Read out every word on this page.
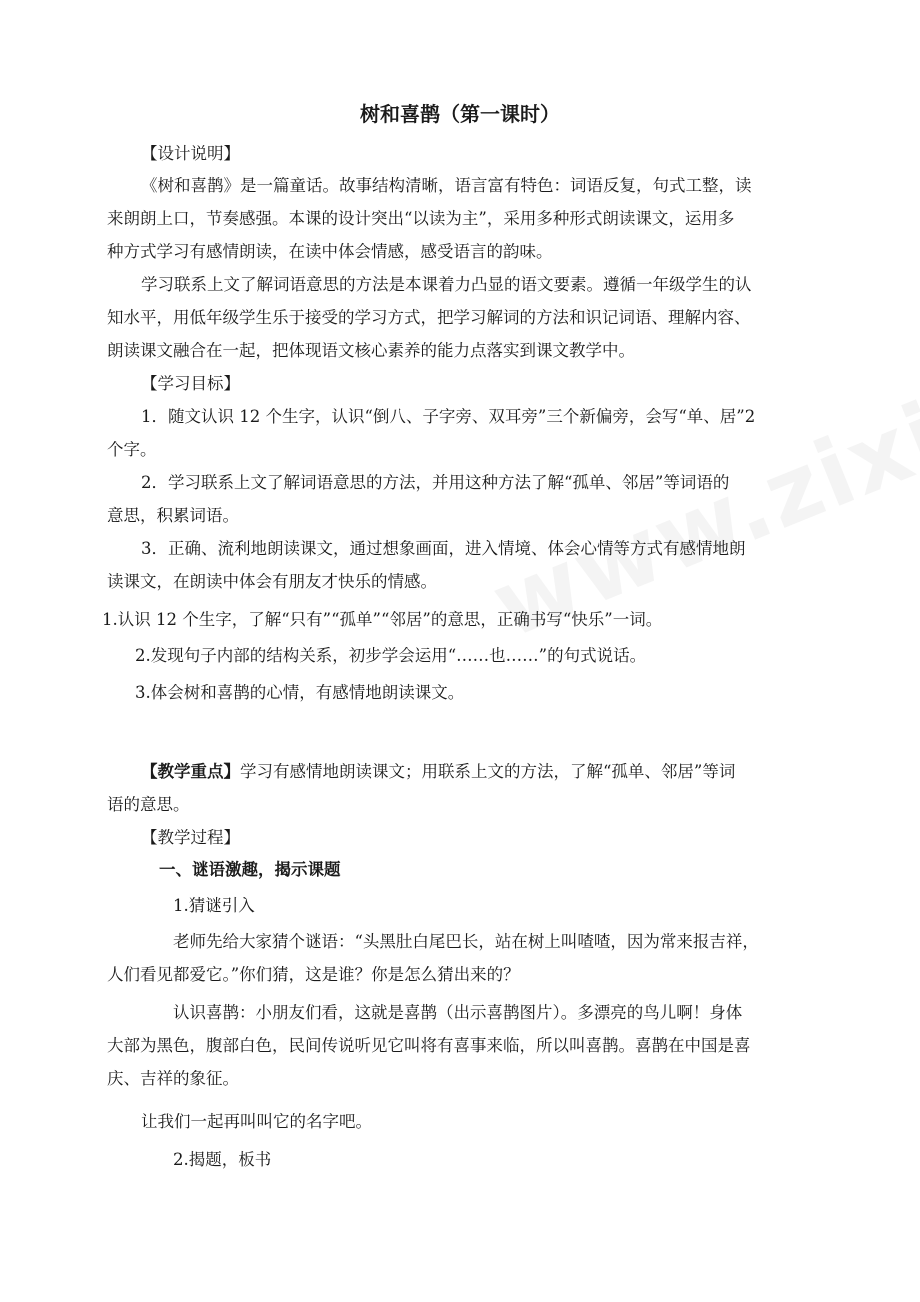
树和喜鹊（第一课时）
【设计说明】
《树和喜鹊》是一篇童话。故事结构清晰，语言富有特色：词语反复，句式工整，读
来朗朗上口，节奏感强。本课的设计突出“以读为主”，采用多种形式朗读课文，运用多
种方式学习有感情朗读，在读中体会情感，感受语言的韵味。
学习联系上文了解词语意思的方法是本课着力凸显的语文要素。遵循一年级学生的认
知水平，用低年级学生乐于接受的学习方式，把学习解词的方法和识记词语、理解内容、
朗读课文融合在一起，把体现语文核心素养的能力点落实到课文教学中。
【学习目标】
1．随文认识 12 个生字，认识“倒八、子字旁、双耳旁”三个新偏旁，会写“单、居”2
个字。
2．学习联系上文了解词语意思的方法，并用这种方法了解“孤单、邻居”等词语的
意思，积累词语。
3．正确、流利地朗读课文，通过想象画面，进入情境、体会心情等方式有感情地朗
读课文，在朗读中体会有朋友才快乐的情感。
1.认识 12 个生字，了解“只有”“孤单”“邻居”的意思，正确书写“快乐”一词。
2.发现句子内部的结构关系，初步学会运用“……也……”的句式说话。
3.体会树和喜鹊的心情，有感情地朗读课文。
【教学重点】学习有感情地朗读课文；用联系上文的方法，了解“孤单、邻居”等词
语的意思。
【教学过程】
一、谜语激趣，揭示课题
1.猜谜引入
老师先给大家猜个谜语：“头黑肚白尾巴长，站在树上叫喳喳，因为常来报吉祥，
人们看见都爱它。”你们猜，这是谁？你是怎么猜出来的？
认识喜鹊：小朋友们看，这就是喜鹊（出示喜鹊图片）。多漂亮的鸟儿啊！身体
大部为黑色，腹部白色，民间传说听见它叫将有喜事来临，所以叫喜鹊。喜鹊在中国是喜
庆、吉祥的象征。
让我们一起再叫叫它的名字吧。
2.揭题，板书
